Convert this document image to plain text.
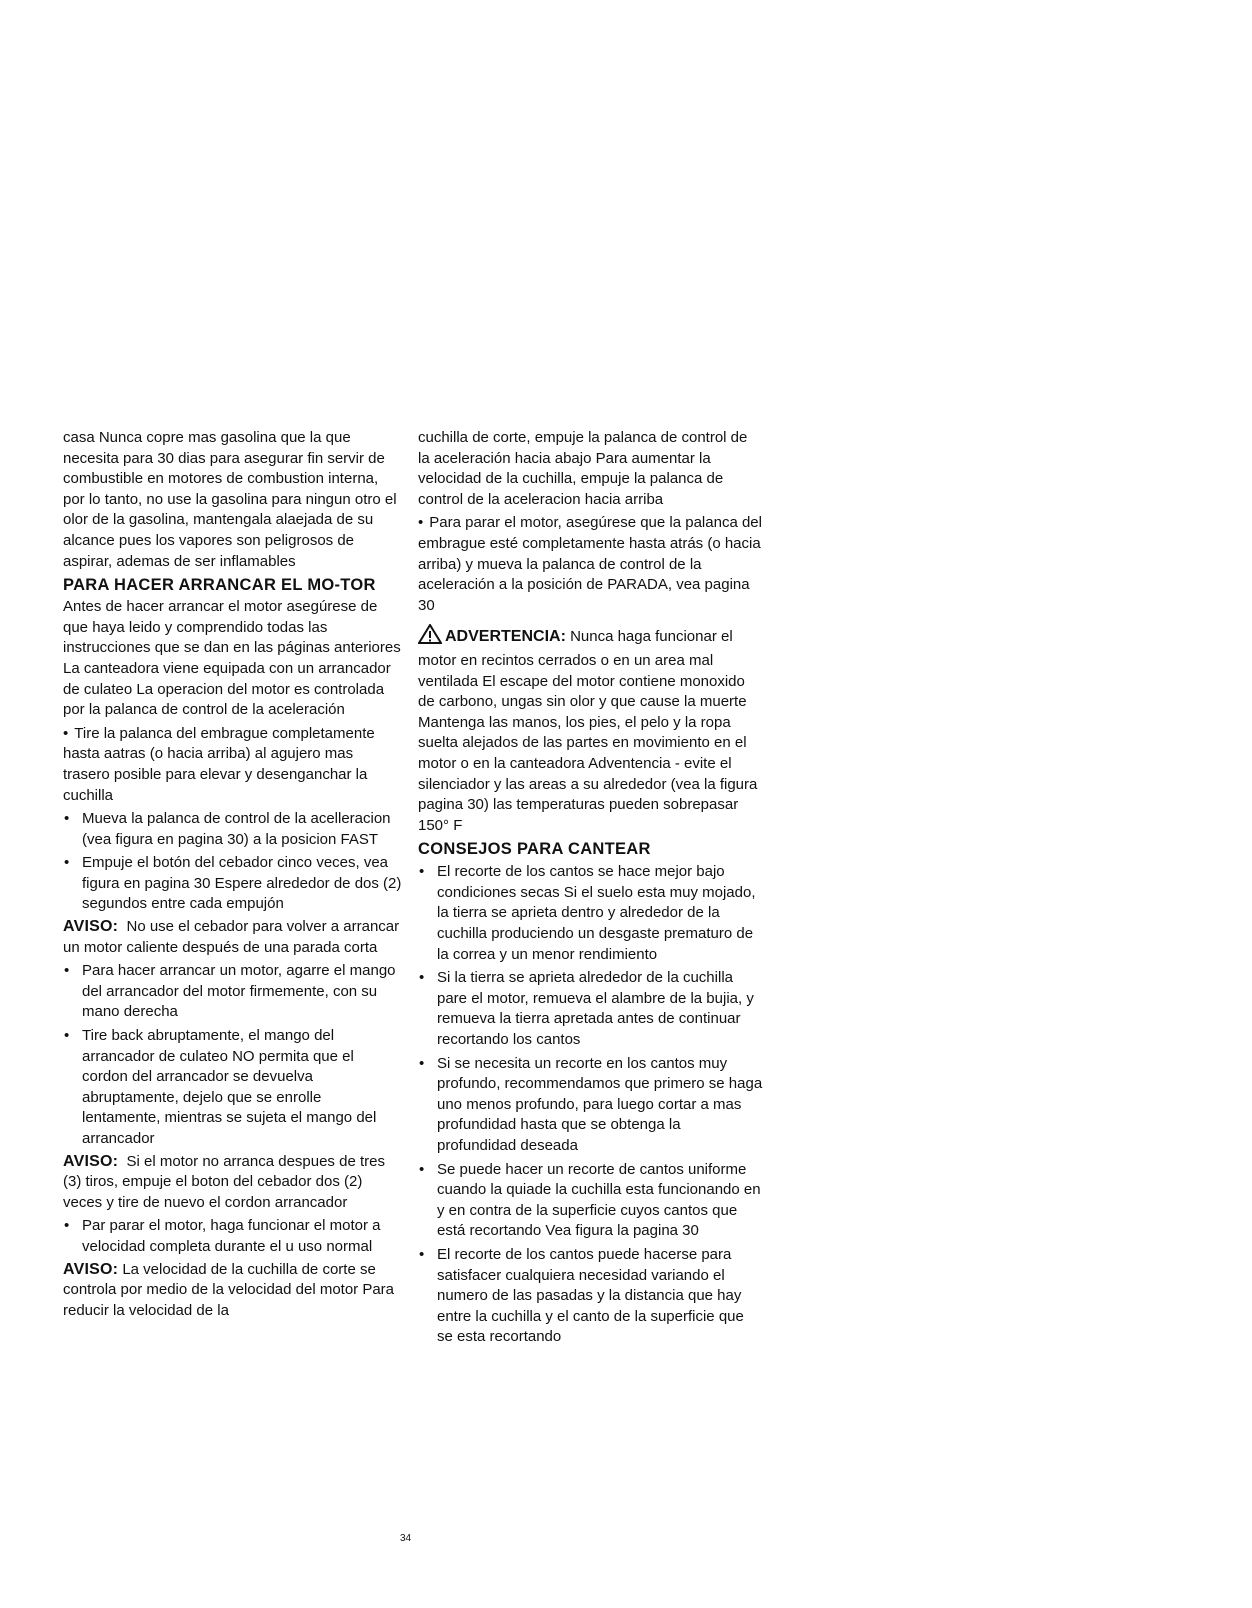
casa Nunca copre mas gasolina que la que necesita para 30 dias para asegurar fin servir de combustible en motores de combustion interna, por lo tanto, no use la gasolina para ningun otro el olor de la gasolina, mantengala alaejada de su alcance pues los vapores son peligrosos de aspirar, ademas de ser inflamables

PARA HACER ARRANCAR EL MO-TOR

Antes de hacer arrancar el motor asegúrese de que haya leido y comprendido todas las instrucciones que se dan en las páginas anteriores La canteadora viene equipada con un arrancador de culateo La operacion del motor es controlada por la palanca de control de la aceleración

• Tire la palanca del embrague completamente hasta aatras (o hacia arriba) al agujero mas trasero posible para elevar y desenganchar la cuchilla
• Mueva la palanca de control de la acelleracion (vea figura en pagina 30) a la posicion FAST
• Empuje el botón del cebador cinco veces, vea figura en pagina 30 Espere alrededor de dos (2) segundos entre cada empujón

AVISO: No use el cebador para volver a arrancar un motor caliente después de una parada corta

• Para hacer arrancar un motor, agarre el mango del arrancador del motor firmemente, con su mano derecha
• Tire back abruptamente, el mango del arrancador de culateo NO permita que el cordon del arrancador se devuelva abruptamente, dejelo que se enrolle lentamente, mientras se sujeta el mango del arrancador

AVISO: Si el motor no arranca despues de tres (3) tiros, empuje el boton del cebador dos (2) veces y tire de nuevo el cordon arrancador

• Par parar el motor, haga funcionar el motor a velocidad completa durante el u uso normal

AVISO: La velocidad de la cuchilla de corte se controla por medio de la velocidad del motor Para reducir la velocidad de la

cuchilla de corte, empuje la palanca de control de la aceleración hacia abajo Para aumentar la velocidad de la cuchilla, empuje la palanca de control de la aceleracion hacia arriba

• Para parar el motor, asegúrese que la palanca del embrague esté completamente hasta atrás (o hacia arriba) y mueva la palanca de control de la aceleración a la posición de PARADA, vea pagina 30

ADVERTENCIA: Nunca haga funcionar el motor en recintos cerrados o en un area mal ventilada El escape del motor contiene monoxido de carbono, ungas sin olor y que cause la muerte Mantenga las manos, los pies, el pelo y la ropa suelta alejados de las partes en movimiento en el motor o en la canteadora Adventencia - evite el silenciador y las areas a su alrededor (vea la figura pagina 30) las temperaturas pueden sobrepasar 150° F

CONSEJOS PARA CANTEAR
• El recorte de los cantos se hace mejor bajo condiciones secas Si el suelo esta muy mojado, la tierra se aprieta dentro y alrededor de la cuchilla produciendo un desgaste prematuro de la correa y un menor rendimiento
• Si la tierra se aprieta alrededor de la cuchilla pare el motor, remueva el alambre de la bujia, y remueva la tierra apretada antes de continuar recortando los cantos
• Si se necesita un recorte en los cantos muy profundo, recommendamos que primero se haga uno menos profundo, para luego cortar a mas profundidad hasta que se obtenga la profundidad deseada
• Se puede hacer un recorte de cantos uniforme cuando la quiade la cuchilla esta funcionando en y en contra de la superficie cuyos cantos que está recortando Vea figura la pagina 30
• El recorte de los cantos puede hacerse para satisfacer cualquiera necesidad variando el numero de las pasadas y la distancia que hay entre la cuchilla y el canto de la superficie que se esta recortando
34
